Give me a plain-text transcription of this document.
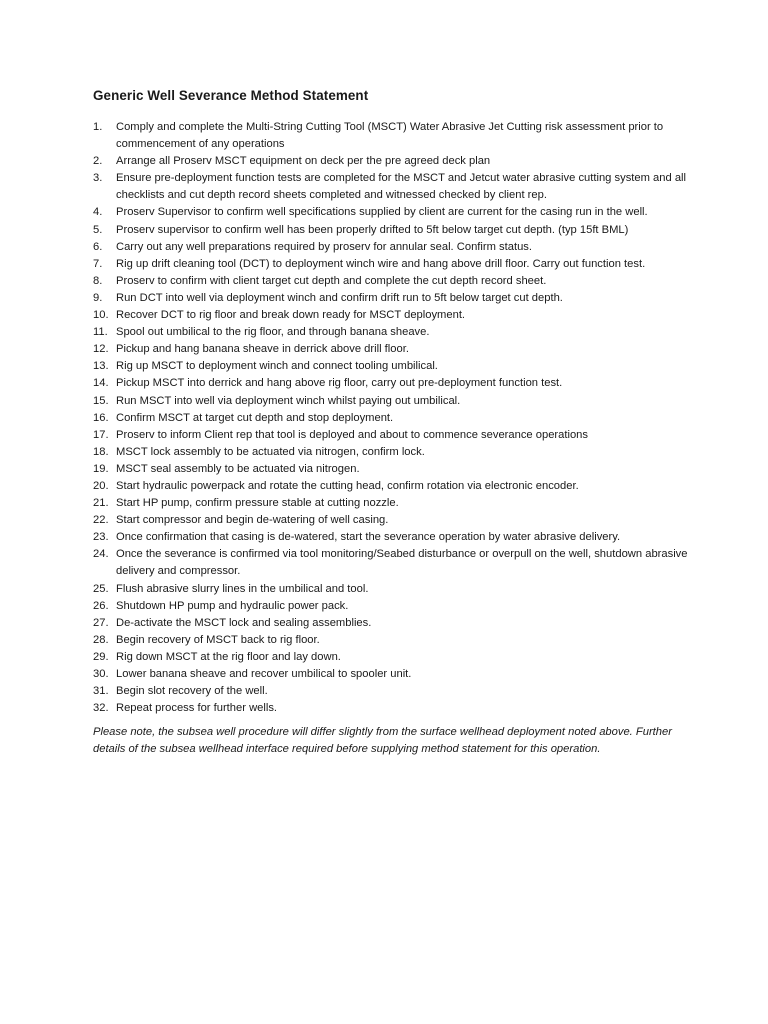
Generic Well Severance Method Statement
1.	Comply and complete the Multi-String Cutting Tool (MSCT) Water Abrasive Jet Cutting risk assessment prior to commencement of any operations
2.	Arrange all Proserv MSCT equipment on deck per the pre agreed deck plan
3.	Ensure pre-deployment function tests are completed for the MSCT and Jetcut water abrasive cutting system and all checklists and cut depth record sheets completed and witnessed checked by client rep.
4.	Proserv Supervisor to confirm well specifications supplied by client are current for the casing run in the well.
5.	Proserv supervisor to confirm well has been properly drifted to 5ft below target cut depth. (typ 15ft BML)
6.	Carry out any well preparations required by proserv for annular seal. Confirm status.
7.	Rig up drift cleaning tool (DCT) to deployment winch wire and hang above drill floor. Carry out function test.
8.	Proserv to confirm with client target cut depth and complete the cut depth record sheet.
9.	Run DCT into well via deployment winch and confirm drift run to 5ft below target cut depth.
10. Recover DCT to rig floor and break down ready for MSCT deployment.
11. Spool out umbilical to the rig floor, and through banana sheave.
12. Pickup and hang banana sheave in derrick above drill floor.
13. Rig up MSCT to deployment winch and connect tooling umbilical.
14. Pickup MSCT into derrick and hang above rig floor, carry out pre-deployment function test.
15. Run MSCT into well via deployment winch whilst paying out umbilical.
16. Confirm MSCT at target cut depth and stop deployment.
17. Proserv to inform Client rep that tool is deployed and about to commence severance operations
18. MSCT lock assembly to be actuated via nitrogen, confirm lock.
19. MSCT seal assembly to be actuated via nitrogen.
20. Start hydraulic powerpack and rotate the cutting head, confirm rotation via electronic encoder.
21. Start HP pump, confirm pressure stable at cutting nozzle.
22. Start compressor and begin de-watering of well casing.
23. Once confirmation that casing is de-watered, start the severance operation by water abrasive delivery.
24. Once the severance is confirmed via tool monitoring/Seabed disturbance or overpull on the well, shutdown abrasive delivery and compressor.
25. Flush abrasive slurry lines in the umbilical and tool.
26. Shutdown HP pump and hydraulic power pack.
27. De-activate the MSCT lock and sealing assemblies.
28. Begin recovery of MSCT back to rig floor.
29. Rig down MSCT at the rig floor and lay down.
30. Lower banana sheave and recover umbilical to spooler unit.
31. Begin slot recovery of the well.
32. Repeat process for further wells.
Please note, the subsea well procedure will differ slightly from the surface wellhead deployment noted above. Further details of the subsea wellhead interface required before supplying method statement for this operation.
